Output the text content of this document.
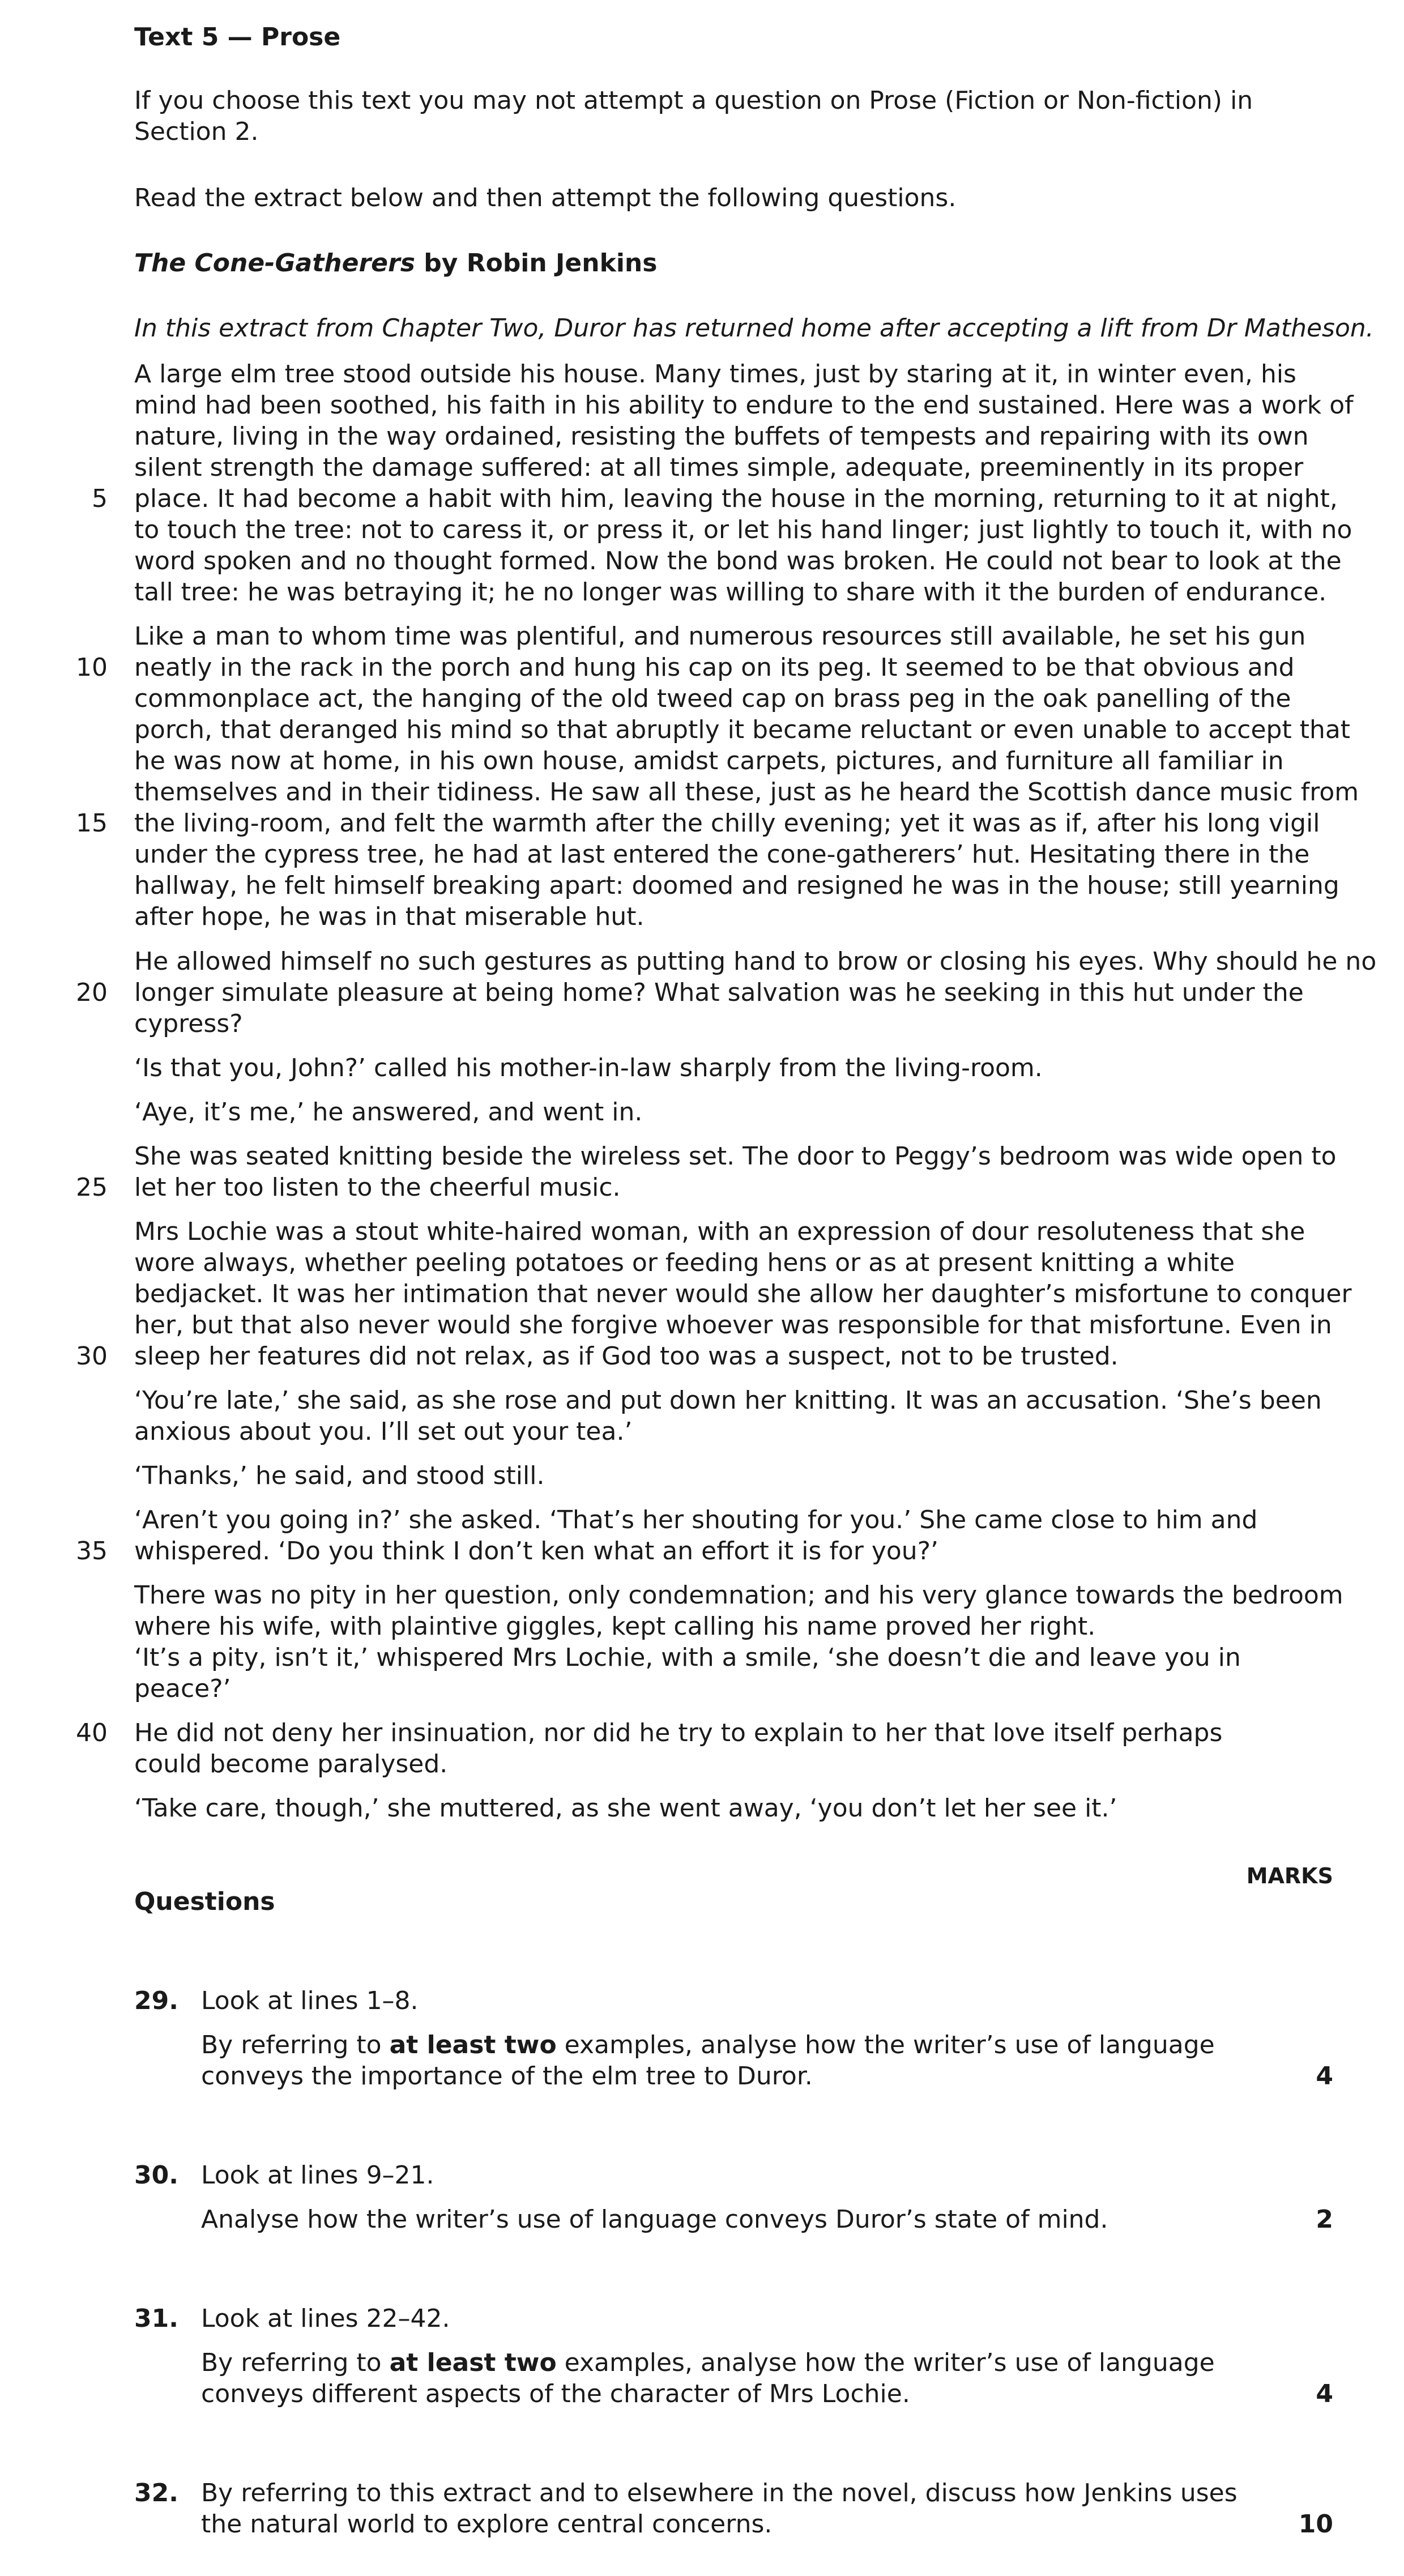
Text 5 — Prose
If you choose this text you may not attempt a question on Prose (Fiction or Non-fiction) in
Section 2.
Read the extract below and then attempt the following questions.
The Cone-Gatherers by Robin Jenkins
In this extract from Chapter Two, Duror has returned home after accepting a lift from Dr Matheson.
A large elm tree stood outside his house. Many times, just by staring at it, in winter even, his
mind had been soothed, his faith in his ability to endure to the end sustained. Here was a work of
nature, living in the way ordained, resisting the buffets of tempests and repairing with its own
silent strength the damage suffered: at all times simple, adequate, preeminently in its proper
place. It had become a habit with him, leaving the house in the morning, returning to it at night,
to touch the tree: not to caress it, or press it, or let his hand linger; just lightly to touch it, with no
word spoken and no thought formed. Now the bond was broken. He could not bear to look at the
tall tree: he was betraying it; he no longer was willing to share with it the burden of endurance.
Like a man to whom time was plentiful, and numerous resources still available, he set his gun
neatly in the rack in the porch and hung his cap on its peg. It seemed to be that obvious and
commonplace act, the hanging of the old tweed cap on brass peg in the oak panelling of the
porch, that deranged his mind so that abruptly it became reluctant or even unable to accept that
he was now at home, in his own house, amidst carpets, pictures, and furniture all familiar in
themselves and in their tidiness. He saw all these, just as he heard the Scottish dance music from
the living-room, and felt the warmth after the chilly evening; yet it was as if, after his long vigil
under the cypress tree, he had at last entered the cone-gatherers’ hut. Hesitating there in the
hallway, he felt himself breaking apart: doomed and resigned he was in the house; still yearning
after hope, he was in that miserable hut.
He allowed himself no such gestures as putting hand to brow or closing his eyes. Why should he no
longer simulate pleasure at being home? What salvation was he seeking in this hut under the
cypress?
‘Is that you, John?’ called his mother-in-law sharply from the living-room.
‘Aye, it’s me,’ he answered, and went in.
She was seated knitting beside the wireless set. The door to Peggy’s bedroom was wide open to
let her too listen to the cheerful music.
Mrs Lochie was a stout white-haired woman, with an expression of dour resoluteness that she
wore always, whether peeling potatoes or feeding hens or as at present knitting a white
bedjacket. It was her intimation that never would she allow her daughter’s misfortune to conquer
her, but that also never would she forgive whoever was responsible for that misfortune. Even in
sleep her features did not relax, as if God too was a suspect, not to be trusted.
‘You’re late,’ she said, as she rose and put down her knitting. It was an accusation. ‘She’s been
anxious about you. I’ll set out your tea.’
‘Thanks,’ he said, and stood still.
‘Aren’t you going in?’ she asked. ‘That’s her shouting for you.’ She came close to him and
whispered. ‘Do you think I don’t ken what an effort it is for you?’
There was no pity in her question, only condemnation; and his very glance towards the bedroom
where his wife, with plaintive giggles, kept calling his name proved her right.
‘It’s a pity, isn’t it,’ whispered Mrs Lochie, with a smile, ‘she doesn’t die and leave you in
peace?’
He did not deny her insinuation, nor did he try to explain to her that love itself perhaps
could become paralysed.
‘Take care, though,’ she muttered, as she went away, ‘you don’t let her see it.’
5
10
15
20
25
30
35
40
MARKS
Questions
29. Look at lines 1–8.
By referring to at least two examples, analyse how the writer’s use of language
conveys the importance of the elm tree to Duror.	4
30. Look at lines 9–21.
Analyse how the writer’s use of language conveys Duror’s state of mind.	2
31. Look at lines 22–42.
By referring to at least two examples, analyse how the writer’s use of language
conveys different aspects of the character of Mrs Lochie.	4
32. By referring to this extract and to elsewhere in the novel, discuss how Jenkins uses
the natural world to explore central concerns.	10
